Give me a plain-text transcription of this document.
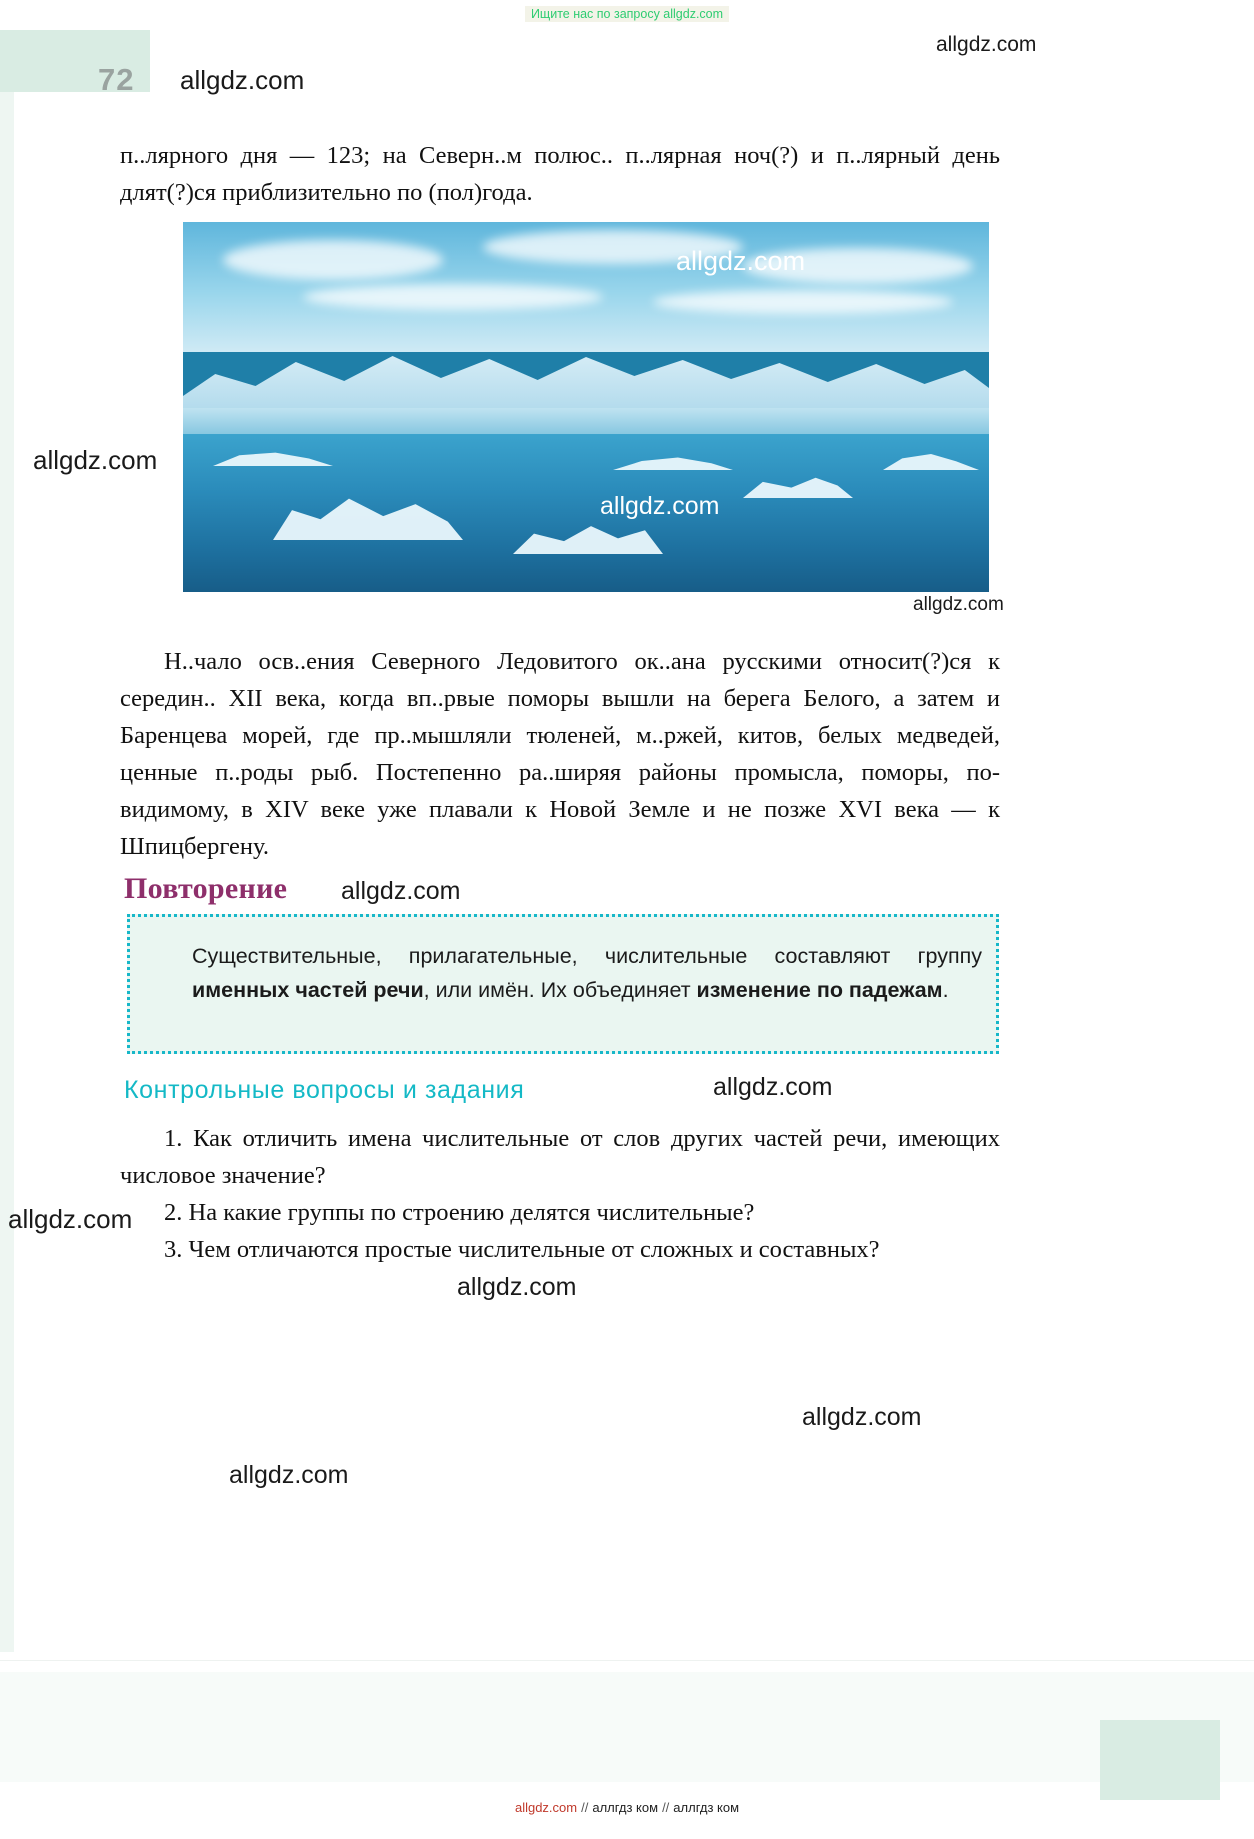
Ищите нас по запросу allgdz.com
72

п..лярного дня — 123; на Северн..м полюс.. п..лярная ноч(?) и п..лярный день длят(?)ся приблизительно по (пол)года.

Н..чало осв..ения Северного Ледовитого ок..ана русскими относит(?)ся к середин.. XII века, когда вп..рвые поморы вышли на берега Белого, а затем и Баренцева морей, где пр..мышляли тюленей, м..ржей, китов, белых медведей, ценные п..роды рыб. Постепенно ра..ширяя районы промысла, поморы, по-видимому, в XIV веке уже плавали к Новой Земле и не позже XVI века — к Шпицбергену.

Повторение
Существительные, прилагательные, числительные составляют группу именных частей речи, или имён. Их объединяет изменение по падежам.
Контрольные вопросы и задания

1. Как отличить имена числительные от слов других частей речи, имеющих числовое значение?

2. На какие группы по строению делятся числительные?

3. Чем отличаются простые числительные от сложных и составных?

allgdz.com
allgdz.com
allgdz.com
allgdz.com
allgdz.com
allgdz.com
allgdz.com
allgdz.com
allgdz.com
allgdz.com
allgdz.com
allgdz.com
allgdz.com // аллгдз ком // аллгдз ком
